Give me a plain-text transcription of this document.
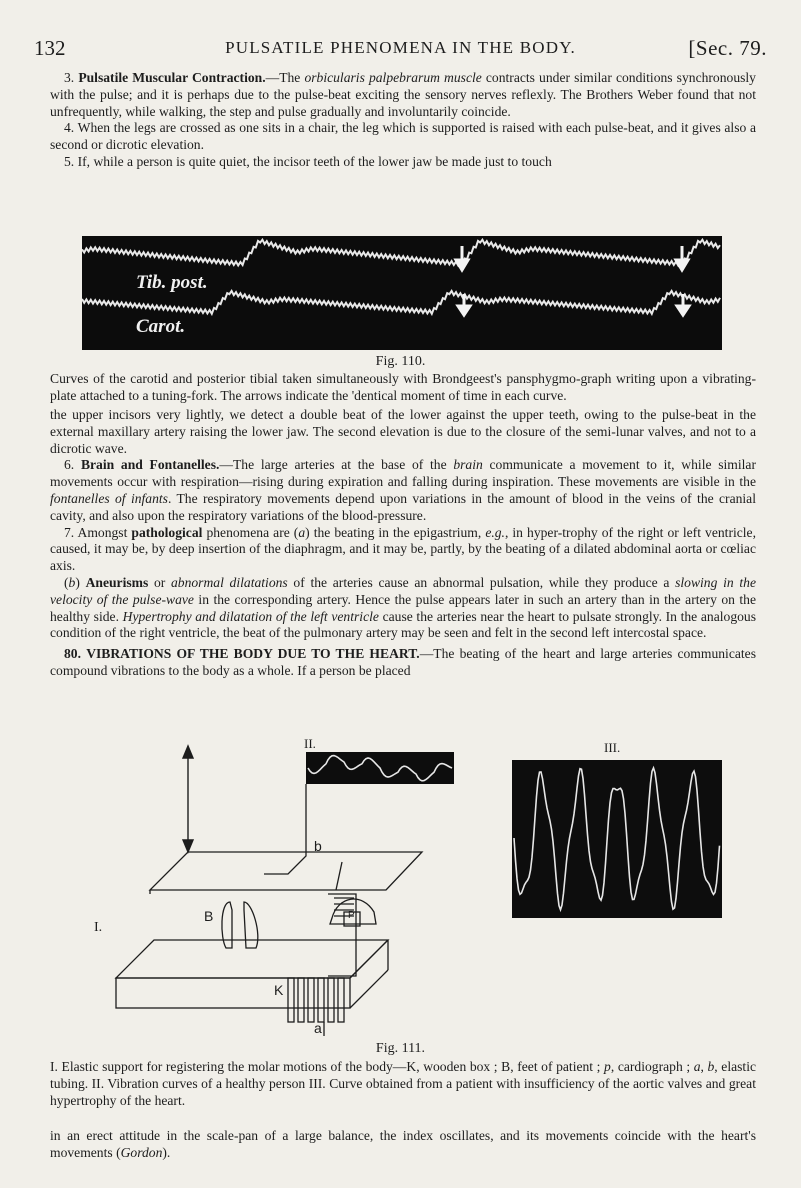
132	PULSATILE PHENOMENA IN THE BODY.	[Sec. 79.

3. Pulsatile Muscular Contraction.—The orbicularis palpebrarum muscle contracts under similar conditions synchronously with the pulse; and it is perhaps due to the pulse-beat exciting the sensory nerves reflexly. The Brothers Weber found that not unfrequently, while walking, the step and pulse gradually and involuntarily coincide.

4. When the legs are crossed as one sits in a chair, the leg which is supported is raised with each pulse-beat, and it gives also a second or dicrotic elevation.

5. If, while a person is quite quiet, the incisor teeth of the lower jaw be made just to touch

Tib. post.
Carot.
Fig. 110.
Curves of the carotid and posterior tibial taken simultaneously with Brondgeest's pansphygmo-graph writing upon a vibrating-plate attached to a tuning-fork. The arrows indicate the 'dentical moment of time in each curve.

the upper incisors very lightly, we detect a double beat of the lower against the upper teeth, owing to the pulse-beat in the external maxillary artery raising the lower jaw. The second elevation is due to the closure of the semi-lunar valves, and not to a dicrotic wave.

6. Brain and Fontanelles.—The large arteries at the base of the brain communicate a movement to it, while similar movements occur with respiration—rising during expiration and falling during inspiration. These movements are visible in the fontanelles of infants. The respiratory movements depend upon variations in the amount of blood in the veins of the cranial cavity, and also upon the respiratory variations of the blood-pressure.

7. Amongst pathological phenomena are (a) the beating in the epigastrium, e.g., in hyper-trophy of the right or left ventricle, caused, it may be, by deep insertion of the diaphragm, and it may be, partly, by the beating of a dilated abdominal aorta or cœliac axis.

(b) Aneurisms or abnormal dilatations of the arteries cause an abnormal pulsation, while they produce a slowing in the velocity of the pulse-wave in the corresponding artery. Hence the pulse appears later in such an artery than in the artery on the healthy side. Hypertrophy and dilatation of the left ventricle cause the arteries near the heart to pulsate strongly. In the analogous condition of the right ventricle, the beat of the pulmonary artery may be seen and felt in the second left intercostal space.

80. VIBRATIONS OF THE BODY DUE TO THE HEART.—The beating of the heart and large arteries communicates compound vibrations to the body as a whole. If a person be placed

II.	III.
I.
B
K
a
b
P
Fig. 111.
I. Elastic support for registering the molar motions of the body—K, wooden box ; B, feet of patient ; p, cardiograph ; a, b, elastic tubing. II. Vibration curves of a healthy person III. Curve obtained from a patient with insufficiency of the aortic valves and great hypertrophy of the heart.

in an erect attitude in the scale-pan of a large balance, the index oscillates, and its movements coincide with the heart's movements (Gordon).
